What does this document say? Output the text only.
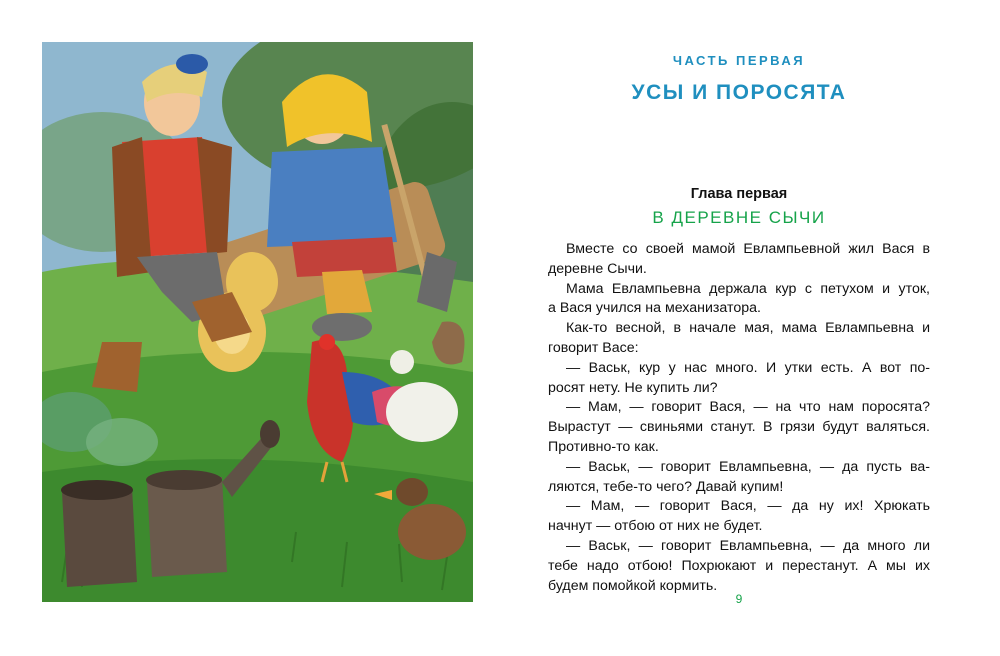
ЧАСТЬ ПЕРВАЯ
УСЫ И ПОРОСЯТА
Глава первая
В ДЕРЕВНЕ СЫЧИ
Вместе со своей мамой Евлампьевной жил Вася в
деревне Сычи.
Мама Евлампьевна держала кур с петухом и уток,
а Вася учился на механизатора.
Как-то весной, в начале мая, мама Евлампьевна и
говорит Васе:
— Васьк, кур у нас много. И утки есть. А вот по-
росят нету. Не купить ли?
— Мам, — говорит Вася, — на что нам поросята?
Вырастут — свиньями станут. В грязи будут валяться.
Противно-то как.
— Васьк, — говорит Евлампьевна, — да пусть ва-
ляются, тебе-то чего? Давай купим!
— Мам, — говорит Вася, — да ну их! Хрюкать
начнут — отбою от них не будет.
— Васьк, — говорит Евлампьевна, — да много ли
тебе надо отбою! Похрюкают и перестанут. А мы их
будем помойкой кормить.
9
